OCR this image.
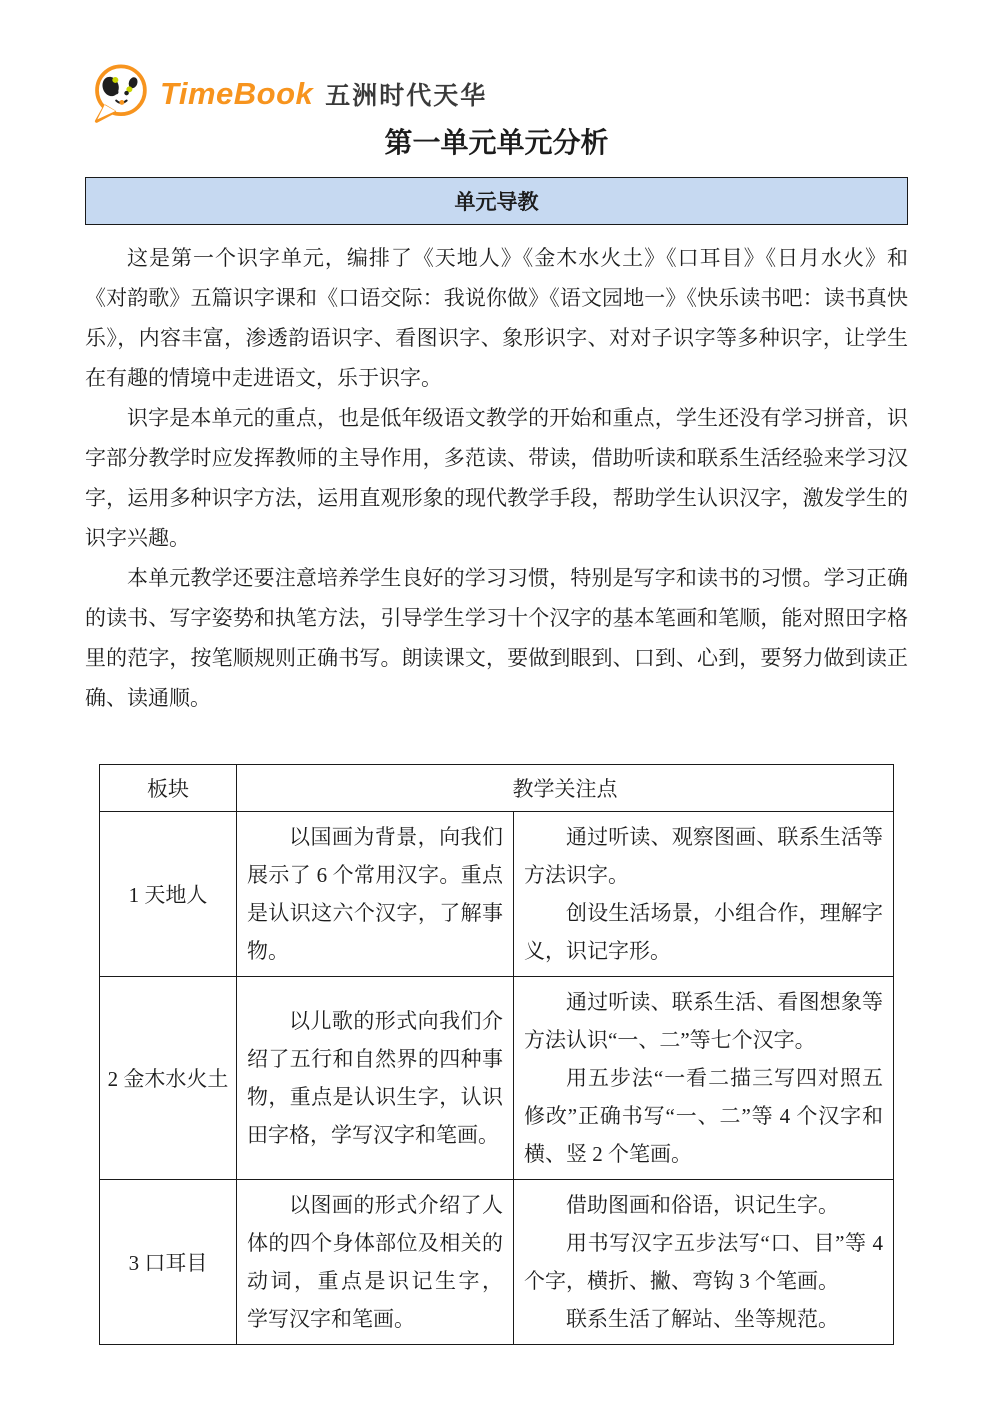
TimeBook 五洲时代天华
第一单元单元分析
单元导教

这是第一个识字单元，编排了《天地人》《金木水火土》《口耳目》《日月水火》和《对韵歌》五篇识字课和《口语交际：我说你做》《语文园地一》《快乐读书吧：读书真快乐》，内容丰富，渗透韵语识字、看图识字、象形识字、对对子识字等多种识字，让学生在有趣的情境中走进语文，乐于识字。

识字是本单元的重点，也是低年级语文教学的开始和重点，学生还没有学习拼音，识字部分教学时应发挥教师的主导作用，多范读、带读，借助听读和联系生活经验来学习汉字，运用多种识字方法，运用直观形象的现代教学手段，帮助学生认识汉字，激发学生的识字兴趣。

本单元教学还要注意培养学生良好的学习习惯，特别是写字和读书的习惯。学习正确的读书、写字姿势和执笔方法，引导学生学习十个汉字的基本笔画和笔顺，能对照田字格里的范字，按笔顺规则正确书写。朗读课文，要做到眼到、口到、心到，要努力做到读正确、读通顺。

板块	教学关注点	
1 天地人	以国画为背景，向我们展示了 6 个常用汉字。重点是认识这六个汉字，了解事物。	通过听读、观察图画、联系生活等方法识字。

创设生活场景，小组合作，理解字义，识记字形。

2 金木水火土	以儿歌的形式向我们介绍了五行和自然界的四种事物，重点是认识生字，认识田字格，学写汉字和笔画。	通过听读、联系生活、看图想象等方法认识“一、二”等七个汉字。

用五步法“一看二描三写四对照五修改”正确书写“一、二”等 4 个汉字和横、竖 2 个笔画。

3 口耳目	以图画的形式介绍了人体的四个身体部位及相关的动词，重点是识记生字， 学写汉字和笔画。	借助图画和俗语，识记生字。

用书写汉字五步法写“口、目”等 4 个字，横折、撇、弯钩 3 个笔画。

联系生活了解站、坐等规范。
